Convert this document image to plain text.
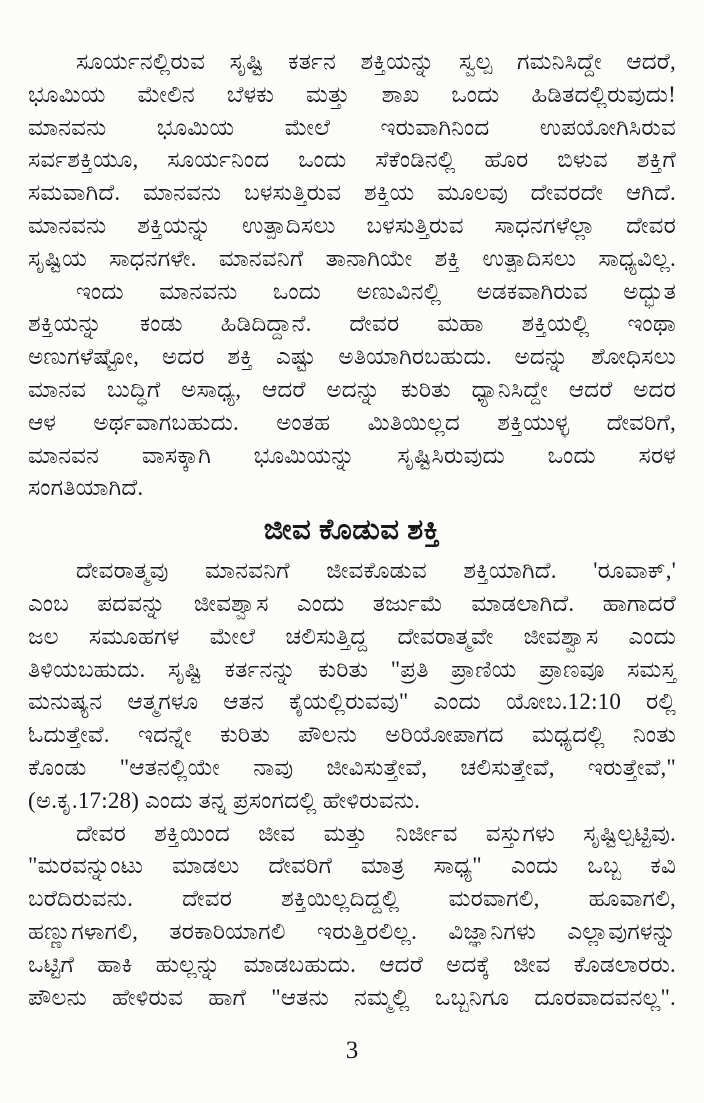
ಸೂರ್ಯನಲ್ಲಿರುವ ಸೃಷ್ಟಿ ಕರ್ತನ ಶಕ್ತಿಯನ್ನು ಸ್ವಲ್ಪ ಗಮನಿಸಿದ್ದೇ ಆದರೆ,
ಭೂಮಿಯ ಮೇಲಿನ ಬೆಳಕು ಮತ್ತು ಶಾಖ ಒಂದು ಹಿಡಿತದಲ್ಲಿರುವುದು!
ಮಾನವನು ಭೂಮಿಯ ಮೇಲೆ ಇರುವಾಗಿನಿಂದ ಉಪಯೋಗಿಸಿರುವ
ಸರ್ವಶಕ್ತಿಯೂ, ಸೂರ್ಯನಿಂದ ಒಂದು ಸೆಕೆಂಡಿನಲ್ಲಿ ಹೊರ ಬಿಳುವ ಶಕ್ತಿಗೆ
ಸಮವಾಗಿದೆ. ಮಾನವನು ಬಳಸುತ್ತಿರುವ ಶಕ್ತಿಯ ಮೂಲವು ದೇವರದೇ ಆಗಿದೆ.
ಮಾನವನು ಶಕ್ತಿಯನ್ನು ಉತ್ಪಾದಿಸಲು ಬಳಸುತ್ತಿರುವ ಸಾಧನಗಳೆಲ್ಲಾ ದೇವರ
ಸೃಷ್ಟಿಯ ಸಾಧನಗಳೇ. ಮಾನವನಿಗೆ ತಾನಾಗಿಯೇ ಶಕ್ತಿ ಉತ್ಪಾದಿಸಲು ಸಾಧ್ಯವಿಲ್ಲ.
ಇಂದು ಮಾನವನು ಒಂದು ಅಣುವಿನಲ್ಲಿ ಅಡಕವಾಗಿರುವ ಅದ್ಭುತ
ಶಕ್ತಿಯನ್ನು ಕಂಡು ಹಿಡಿದಿದ್ದಾನೆ. ದೇವರ ಮಹಾ ಶಕ್ತಿಯಲ್ಲಿ ಇಂಥಾ
ಅಣುಗಳೆಷ್ಟೋ, ಅದರ ಶಕ್ತಿ ಎಷ್ಟು ಅತಿಯಾಗಿರಬಹುದು. ಅದನ್ನು ಶೋಧಿಸಲು
ಮಾನವ ಬುದ್ಧಿಗೆ ಅಸಾಧ್ಯ, ಆದರೆ ಅದನ್ನು ಕುರಿತು ಧ್ಯಾನಿಸಿದ್ದೇ ಆದರೆ ಅದರ
ಆಳ ಅರ್ಥವಾಗಬಹುದು. ಅಂತಹ ಮಿತಿಯಿಲ್ಲದ ಶಕ್ತಿಯುಳ್ಳ ದೇವರಿಗೆ,
ಮಾನವನ ವಾಸಕ್ಕಾಗಿ ಭೂಮಿಯನ್ನು ಸೃಷ್ಟಿಸಿರುವುದು ಒಂದು ಸರಳ
ಸಂಗತಿಯಾಗಿದೆ.
ಜೀವ ಕೊಡುವ ಶಕ್ತಿ
ದೇವರಾತ್ಮವು ಮಾನವನಿಗೆ ಜೀವಕೊಡುವ ಶಕ್ತಿಯಾಗಿದೆ. 'ರೂವಾಕ್,'
ಎಂಬ ಪದವನ್ನು ಜೀವಶ್ವಾಸ ಎಂದು ತರ್ಜುಮೆ ಮಾಡಲಾಗಿದೆ. ಹಾಗಾದರೆ
ಜಲ ಸಮೂಹಗಳ ಮೇಲೆ ಚಲಿಸುತ್ತಿದ್ದ ದೇವರಾತ್ಮವೇ ಜೀವಶ್ವಾಸ ಎಂದು
ತಿಳಿಯಬಹುದು. ಸೃಷ್ಟಿ ಕರ್ತನನ್ನು ಕುರಿತು "ಪ್ರತಿ ಪ್ರಾಣಿಯ ಪ್ರಾಣವೂ ಸಮಸ್ತ
ಮನುಷ್ಯನ ಆತ್ಮಗಳೂ ಆತನ ಕೈಯಲ್ಲಿರುವವು" ಎಂದು ಯೋಬ.12:10 ರಲ್ಲಿ
ಓದುತ್ತೇವೆ. ಇದನ್ನೇ ಕುರಿತು ಪೌಲನು ಅರಿಯೋಪಾಗದ ಮಧ್ಯದಲ್ಲಿ ನಿಂತು
ಕೊಂಡು "ಆತನಲ್ಲಿಯೇ ನಾವು ಜೀವಿಸುತ್ತೇವೆ, ಚಲಿಸುತ್ತೇವೆ, ಇರುತ್ತೇವೆ,"
(ಅ.ಕೃ.17:28) ಎಂದು ತನ್ನ ಪ್ರಸಂಗದಲ್ಲಿ ಹೇಳಿರುವನು.
ದೇವರ ಶಕ್ತಿಯಿಂದ ಜೀವ ಮತ್ತು ನಿರ್ಜೀವ ವಸ್ತುಗಳು ಸೃಷ್ಟಿಲ್ಪಟ್ಟಿವು.
"ಮರವನ್ನುಂಟು ಮಾಡಲು ದೇವರಿಗೆ ಮಾತ್ರ ಸಾಧ್ಯ" ಎಂದು ಒಬ್ಬ ಕವಿ
ಬರೆದಿರುವನು. ದೇವರ ಶಕ್ತಿಯಿಲ್ಲದಿದ್ದಲ್ಲಿ ಮರವಾಗಲಿ, ಹೂವಾಗಲಿ,
ಹಣ್ಣುಗಳಾಗಲಿ, ತರಕಾರಿಯಾಗಲಿ ಇರುತ್ತಿರಲಿಲ್ಲ. ವಿಜ್ಞಾನಿಗಳು ಎಲ್ಲಾವುಗಳನ್ನು
ಒಟ್ಟಿಗೆ ಹಾಕಿ ಹುಲ್ಲನ್ನು ಮಾಡಬಹುದು. ಆದರೆ ಅದಕ್ಕೆ ಜೀವ ಕೊಡಲಾರರು.
ಪೌಲನು ಹೇಳಿರುವ ಹಾಗೆ "ಆತನು ನಮ್ಮಲ್ಲಿ ಒಬ್ಬನಿಗೂ ದೂರವಾದವನಲ್ಲ".
3
